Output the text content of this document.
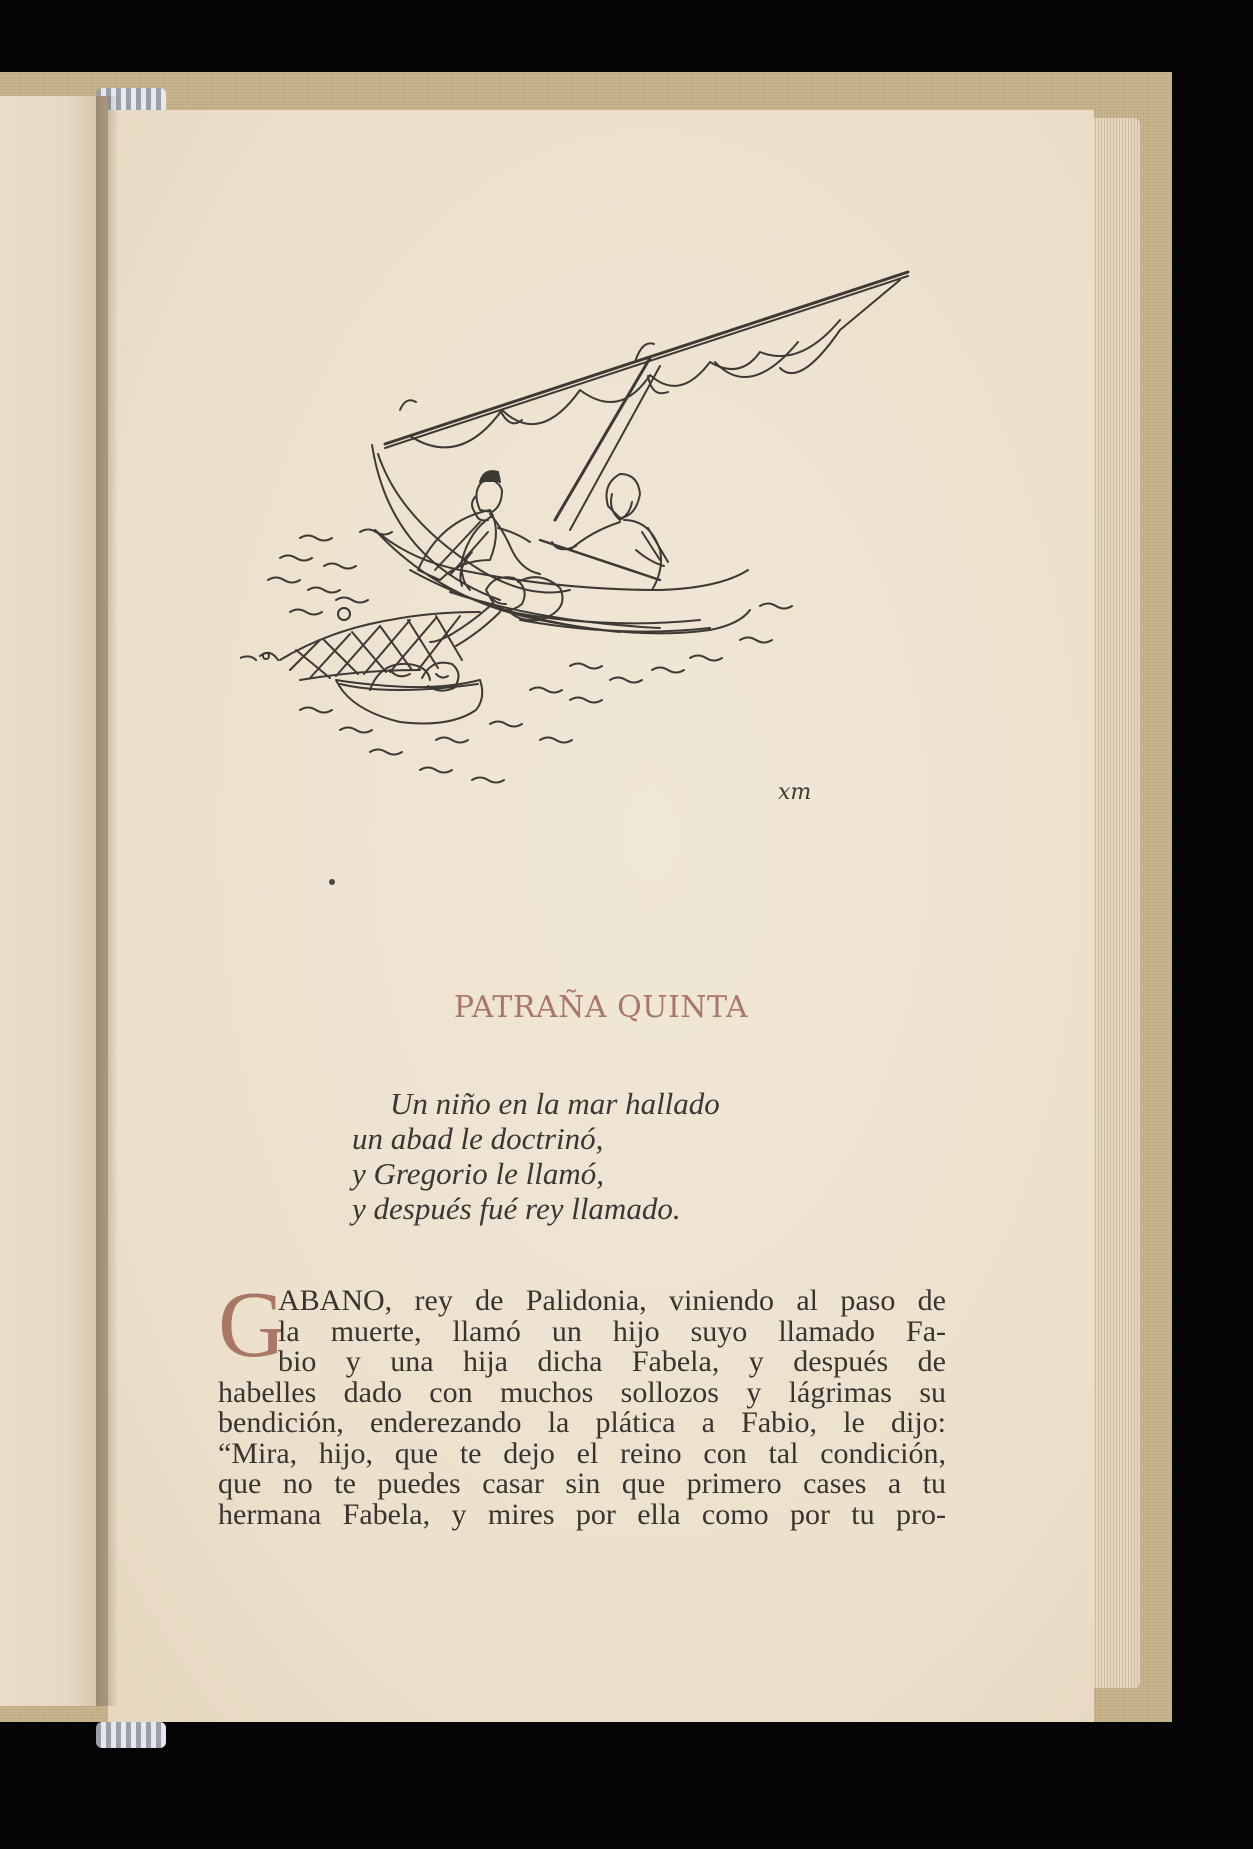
xm
PATRAÑA QUINTA
Un niño en la mar hallado
un abad le doctrinó,
y Gregorio le llamó,
y después fué rey llamado.
G
ABANO, rey de Palidonia, viniendo al paso de
la muerte, llamó un hijo suyo llamado Fa-
bio y una hija dicha Fabela, y después de
habelles dado con muchos sollozos y lágrimas su
bendición, enderezando la plática a Fabio, le dijo:
“Mira, hijo, que te dejo el reino con tal condición,
que no te puedes casar sin que primero cases a tu
hermana Fabela, y mires por ella como por tu pro-
